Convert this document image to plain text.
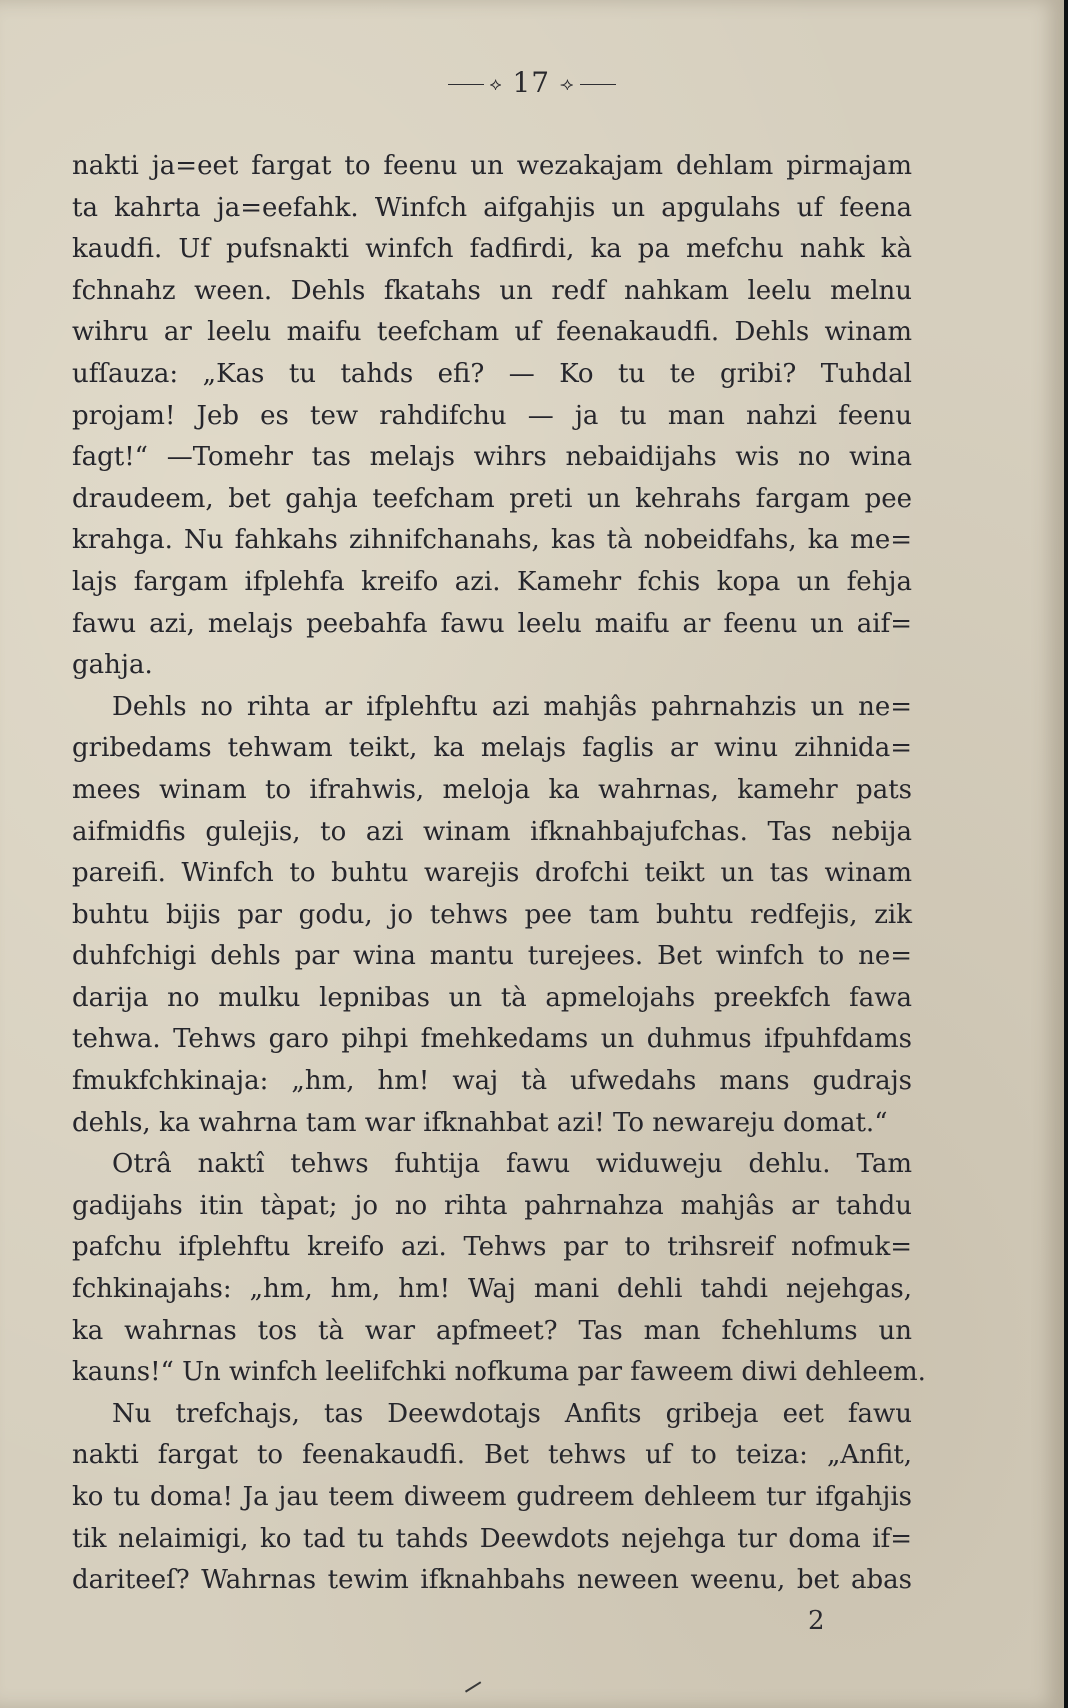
⟡ 17 ⟢
nakti ja=eet fargat to feenu un wezakajam dehlam pirmajam
ta kahrta ja=eefahk. Winfch aifgahjis un apgulahs uf feena
kaudfi. Uf pufsnakti winfch fadfirdi, ka pa mefchu nahk kà
fchnahz ween. Dehls fkatahs un redf nahkam leelu melnu
wihru ar leelu maifu teefcham uf feenakaudfi. Dehls winam
ufſauza: „Kas tu tahds efi? — Ko tu te gribi? Tuhdal
projam! Jeb es tew rahdifchu — ja tu man nahzi feenu
fagt!“ —Tomehr tas melajs wihrs nebaidijahs wis no wina
draudeem, bet gahja teefcham preti un kehrahs fargam pee
krahga. Nu fahkahs zihnifchanahs, kas tà nobeidfahs, ka me=
lajs fargam ifplehfa kreifo azi. Kamehr fchis kopa un fehja
fawu azi, melajs peebahfa fawu leelu maifu ar feenu un aif=
gahja.
Dehls no rihta ar ifplehftu azi mahjâs pahrnahzis un ne=
gribedams tehwam teikt, ka melajs faglis ar winu zihnida=
mees winam to ifrahwis, meloja ka wahrnas, kamehr pats
aifmidfis gulejis, to azi winam ifknahbajufchas. Tas nebija
pareifi. Winfch to buhtu warejis drofchi teikt un tas winam
buhtu bijis par godu, jo tehws pee tam buhtu redfejis, zik
duhfchigi dehls par wina mantu turejees. Bet winfch to ne=
darija no mulku lepnibas un tà apmelojahs preekfch fawa
tehwa. Tehws garo pihpi fmehkedams un duhmus ifpuhfdams
fmukfchkinaja: „hm, hm! waj tà ufwedahs mans gudrajs
dehls, ka wahrna tam war ifknahbat azi! To newareju domat.“
Otrâ naktî tehws fuhtija fawu widuweju dehlu. Tam
gadijahs itin tàpat; jo no rihta pahrnahza mahjâs ar tahdu
pafchu ifplehftu kreifo azi. Tehws par to trihsreif nofmuk=
fchkinajahs: „hm, hm, hm! Waj mani dehli tahdi nejehgas,
ka wahrnas tos tà war apfmeet? Tas man fchehlums un
kauns!“ Un winfch leelifchki nofkuma par faweem diwi dehleem.
Nu trefchajs, tas Deewdotajs Anfits gribeja eet fawu
nakti fargat to feenakaudfi. Bet tehws uf to teiza: „Anfit,
ko tu doma! Ja jau teem diweem gudreem dehleem tur ifgahjis
tik nelaimigi, ko tad tu tahds Deewdots nejehga tur doma if=
dariteeſ? Wahrnas tewim ifknahbahs neween weenu, bet abas
2
